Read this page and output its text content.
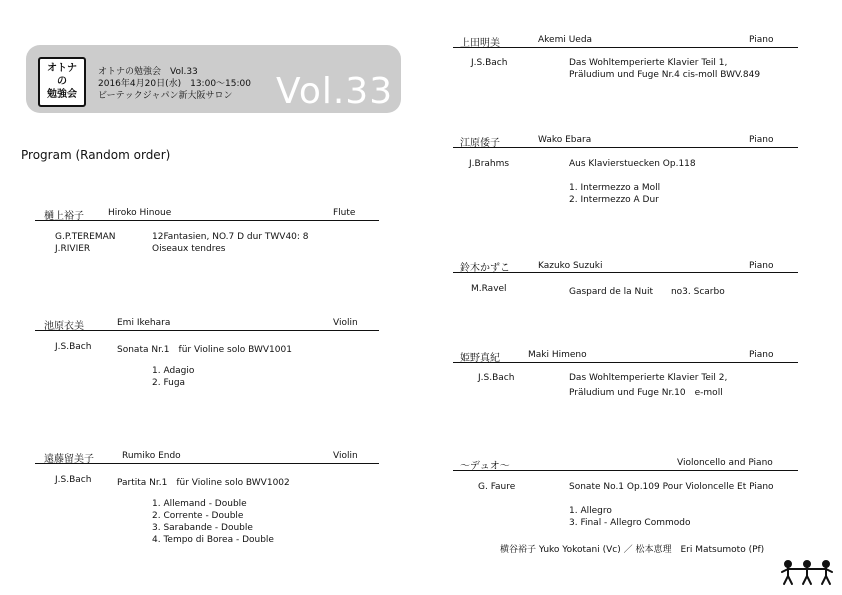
オトナ
の
勉強会
オトナの勉強会　Vol.33
2016年4月20日(水)　13:00～15:00
ビーテックジャパン新大阪サロン Vol.33
Program (Random order)
樋上裕子	Hiroko Hinoue	Flute
G.P.TEREMAN	12Fantasien, NO.7 D dur TWV40: 8
J.RIVIER	Oiseaux tendres
池原衣美	Emi Ikehara	Violin
J.S.Bach	Sonata Nr.1　für Violine solo BWV1001
1. Adagio
2. Fuga
遠藤留美子	Rumiko Endo	Violin
J.S.Bach	Partita Nr.1　für Violine solo BWV1002
1. Allemand - Double
2. Corrente - Double
3. Sarabande - Double
4. Tempo di Borea - Double
上田明美	Akemi Ueda	Piano
J.S.Bach	Das Wohltemperierte Klavier Teil 1,
Präludium und Fuge Nr.4 cis-moll BWV.849
江原倭子	Wako Ebara	Piano
J.Brahms	Aus Klavierstuecken Op.118
1. Intermezzo a Moll
2. Intermezzo A Dur
鈴木かずこ	Kazuko Suzuki	Piano
M.Ravel	Gaspard de la Nuit　　no3. Scarbo
姫野真紀	Maki Himeno	Piano
J.S.Bach	Das Wohltemperierte Klavier Teil 2,
Präludium und Fuge Nr.10　e-moll
～デュオ～	Violoncello and Piano
G. Faure	Sonate No.1 Op.109 Pour Violoncelle Et Piano
1. Allegro
3. Final - Allegro Commodo
横谷裕子 Yuko Yokotani (Vc) ／ 松本恵理　Eri Matsumoto (Pf)
